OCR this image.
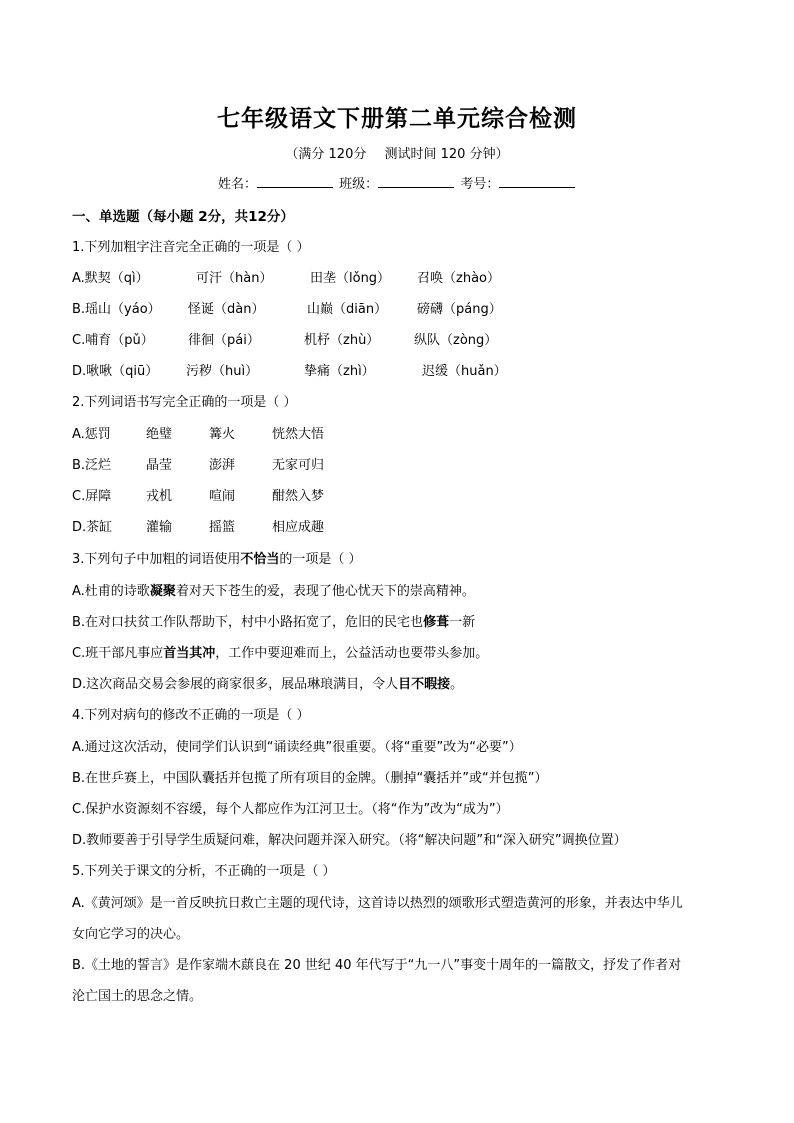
七年级语文下册第二单元综合检测
（满分 120分 测试时间 120 分钟）
姓名：	班级：	考号：
一、单选题（每小题 2分，共12分）
1.下列加粗字注音完全正确的一项是（ ）
A.默契（qì）	可汗（hàn）	田垄（lǒng） 召唤（zhào）
B.瑶山（yáo） 怪诞（dàn）	山巅（diān） 磅礴（páng）
C.哺育（pǔ）	徘徊（pái）	机杼（zhù）	纵队（zòng）
D.啾啾（qiū） 污秽（huì）	挚痛（zhì）	迟缓（huǎn）
2.下列词语书写完全正确的一项是（ ）
A.惩罚	绝璧	篝火	恍然大悟
B.泛烂	晶莹	澎湃	无家可归
C.屏障	戎机	喧闹	酣然入梦
D.茶缸	灌输	摇篮	相应成趣
3.下列句子中加粗的词语使用不恰当的一项是（ ）
A.杜甫的诗歌凝聚着对天下苍生的爱，表现了他心忧天下的崇高精神。
B.在对口扶贫工作队帮助下，村中小路拓宽了，危旧的民宅也修葺一新
C.班干部凡事应首当其冲，工作中要迎难而上，公益活动也要带头参加。
D.这次商品交易会参展的商家很多，展品琳琅满目，令人目不暇接。
4.下列对病句的修改不正确的一项是（ ）
A.通过这次活动，使同学们认识到“诵读经典”很重要。（将“重要”改为“必要”）
B.在世乒赛上，中国队囊括并包揽了所有项目的金牌。（删掉“囊括并”或“并包揽”）
C.保护水资源刻不容缓，每个人都应作为江河卫士。（将“作为”改为“成为”）
D.教师要善于引导学生质疑问难，解决问题并深入研究。（将“解决问题”和“深入研究”调换位置）
5.下列关于课文的分析，不正确的一项是（ ）
A.《黄河颂》是一首反映抗日救亡主题的现代诗，这首诗以热烈的颂歌形式塑造黄河的形象，并表达中华儿
女向它学习的决心。
B.《土地的誓言》是作家端木蕻良在 20 世纪 40 年代写于“九一八”事变十周年的一篇散文，抒发了作者对
沦亡国土的思念之情。
